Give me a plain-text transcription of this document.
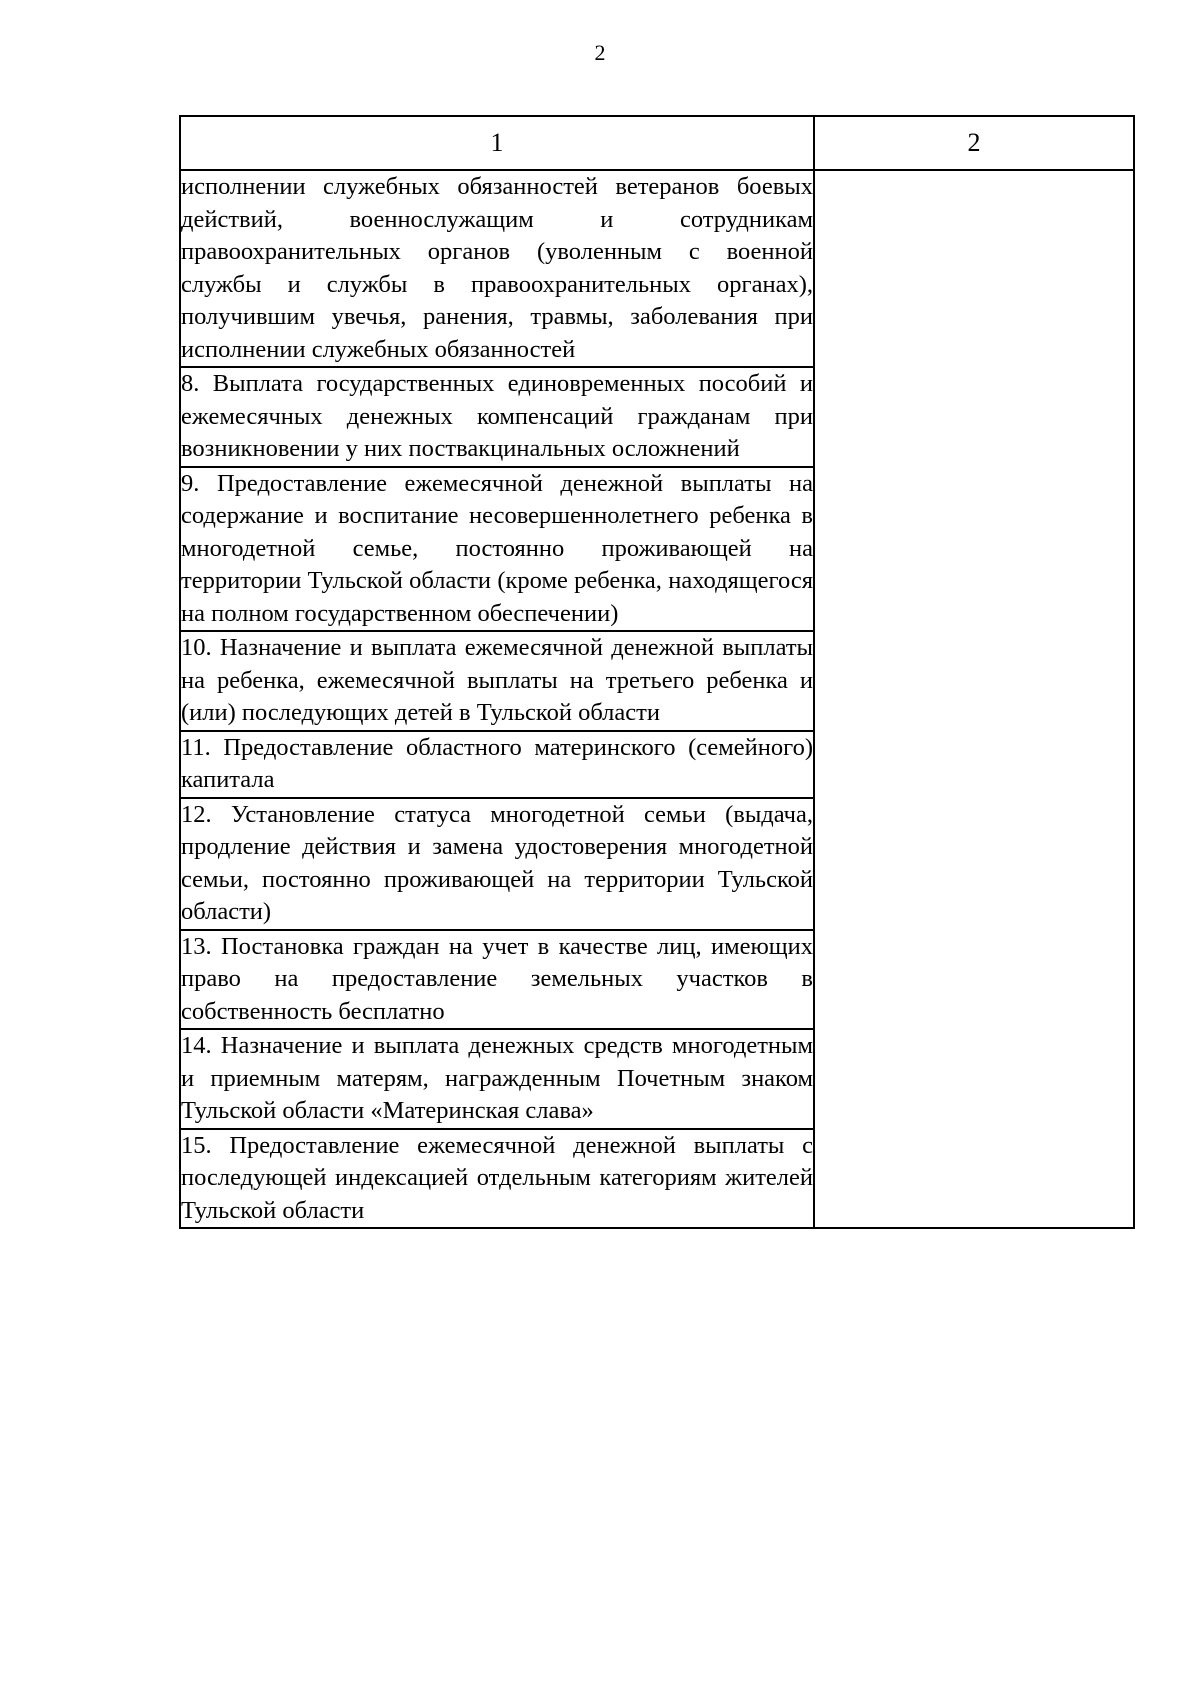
2
1	2
исполнении служебных обязанностей ветеранов боевых действий, военнослужащим и сотрудникам правоохранительных органов (уволенным с военной службы и службы в правоохранительных органах), получившим увечья, ранения, травмы, заболевания при исполнении служебных обязанностей	
8. Выплата государственных единовременных пособий и ежемесячных денежных компенсаций гражданам при возникновении у них поствакцинальных осложнений	
9. Предоставление ежемесячной денежной выплаты на содержание и воспитание несовершеннолетнего ребенка в многодетной семье, постоянно проживающей на территории Тульской области (кроме ребенка, находящегося на полном государственном обеспечении)	
10. Назначение и выплата ежемесячной денежной выплаты на ребенка, ежемесячной выплаты на третьего ребенка и (или) последующих детей в Тульской области	
11. Предоставление областного материнского (семейного) капитала	
12. Установление статуса многодетной семьи (выдача, продление действия и замена удостоверения многодетной семьи, постоянно проживающей на территории Тульской области)	
13. Постановка граждан на учет в качестве лиц, имеющих право на предоставление земельных участков в собственность бесплатно	
14. Назначение и выплата денежных средств многодетным и приемным матерям, награжденным Почетным знаком Тульской области «Материнская слава»	
15. Предоставление ежемесячной денежной выплаты с последующей индексацией отдельным категориям жителей Тульской области	
